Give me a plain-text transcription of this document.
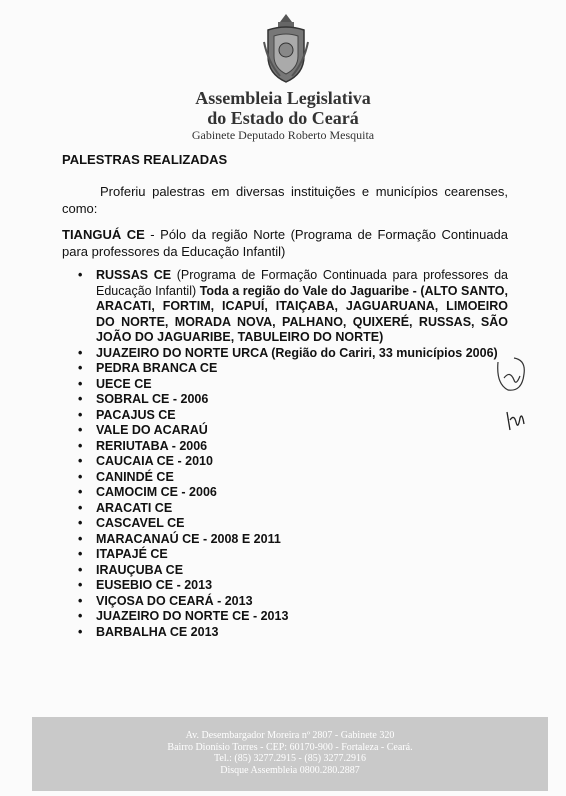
Assembleia Legislativa
do Estado do Ceará
Gabinete Deputado Roberto Mesquita
PALESTRAS REALIZADAS
Proferiu palestras em diversas instituições e municípios cearenses, como:
TIANGUÁ CE - Pólo da região Norte (Programa de Formação Continuada para professores da Educação Infantil)
• RUSSAS CE (Programa de Formação Continuada para professores da Educação Infantil) Toda a região do Vale do Jaguaribe - (ALTO SANTO, ARACATI, FORTIM, ICAPUÍ, ITAIÇABA, JAGUARUANA, LIMOEIRO DO NORTE, MORADA NOVA, PALHANO, QUIXERÉ, RUSSAS, SÃO JOÃO DO JAGUARIBE, TABULEIRO DO NORTE)
• JUAZEIRO DO NORTE URCA (Região do Cariri, 33 municípios 2006)
• PEDRA BRANCA CE
• UECE CE
• SOBRAL CE - 2006
• PACAJUS CE
• VALE DO ACARAÚ
• RERIUTABA - 2006
• CAUCAIA CE - 2010
• CANINDÉ CE
• CAMOCIM CE - 2006
• ARACATI CE
• CASCAVEL CE
• MARACANAÚ CE - 2008 E 2011
• ITAPAJÉ CE
• IRAUÇUBA CE
• EUSEBIO CE - 2013
• VIÇOSA DO CEARÁ - 2013
• JUAZEIRO DO NORTE CE - 2013
• BARBALHA CE 2013
Av. Desembargador Moreira nº 2807 - Gabinete 320
Bairro Dionísio Torres - CEP: 60170-900 - Fortaleza - Ceará.
Tel.: (85) 3277.2915 - (85) 3277.2916
Disque Assembleia 0800.280.2887
